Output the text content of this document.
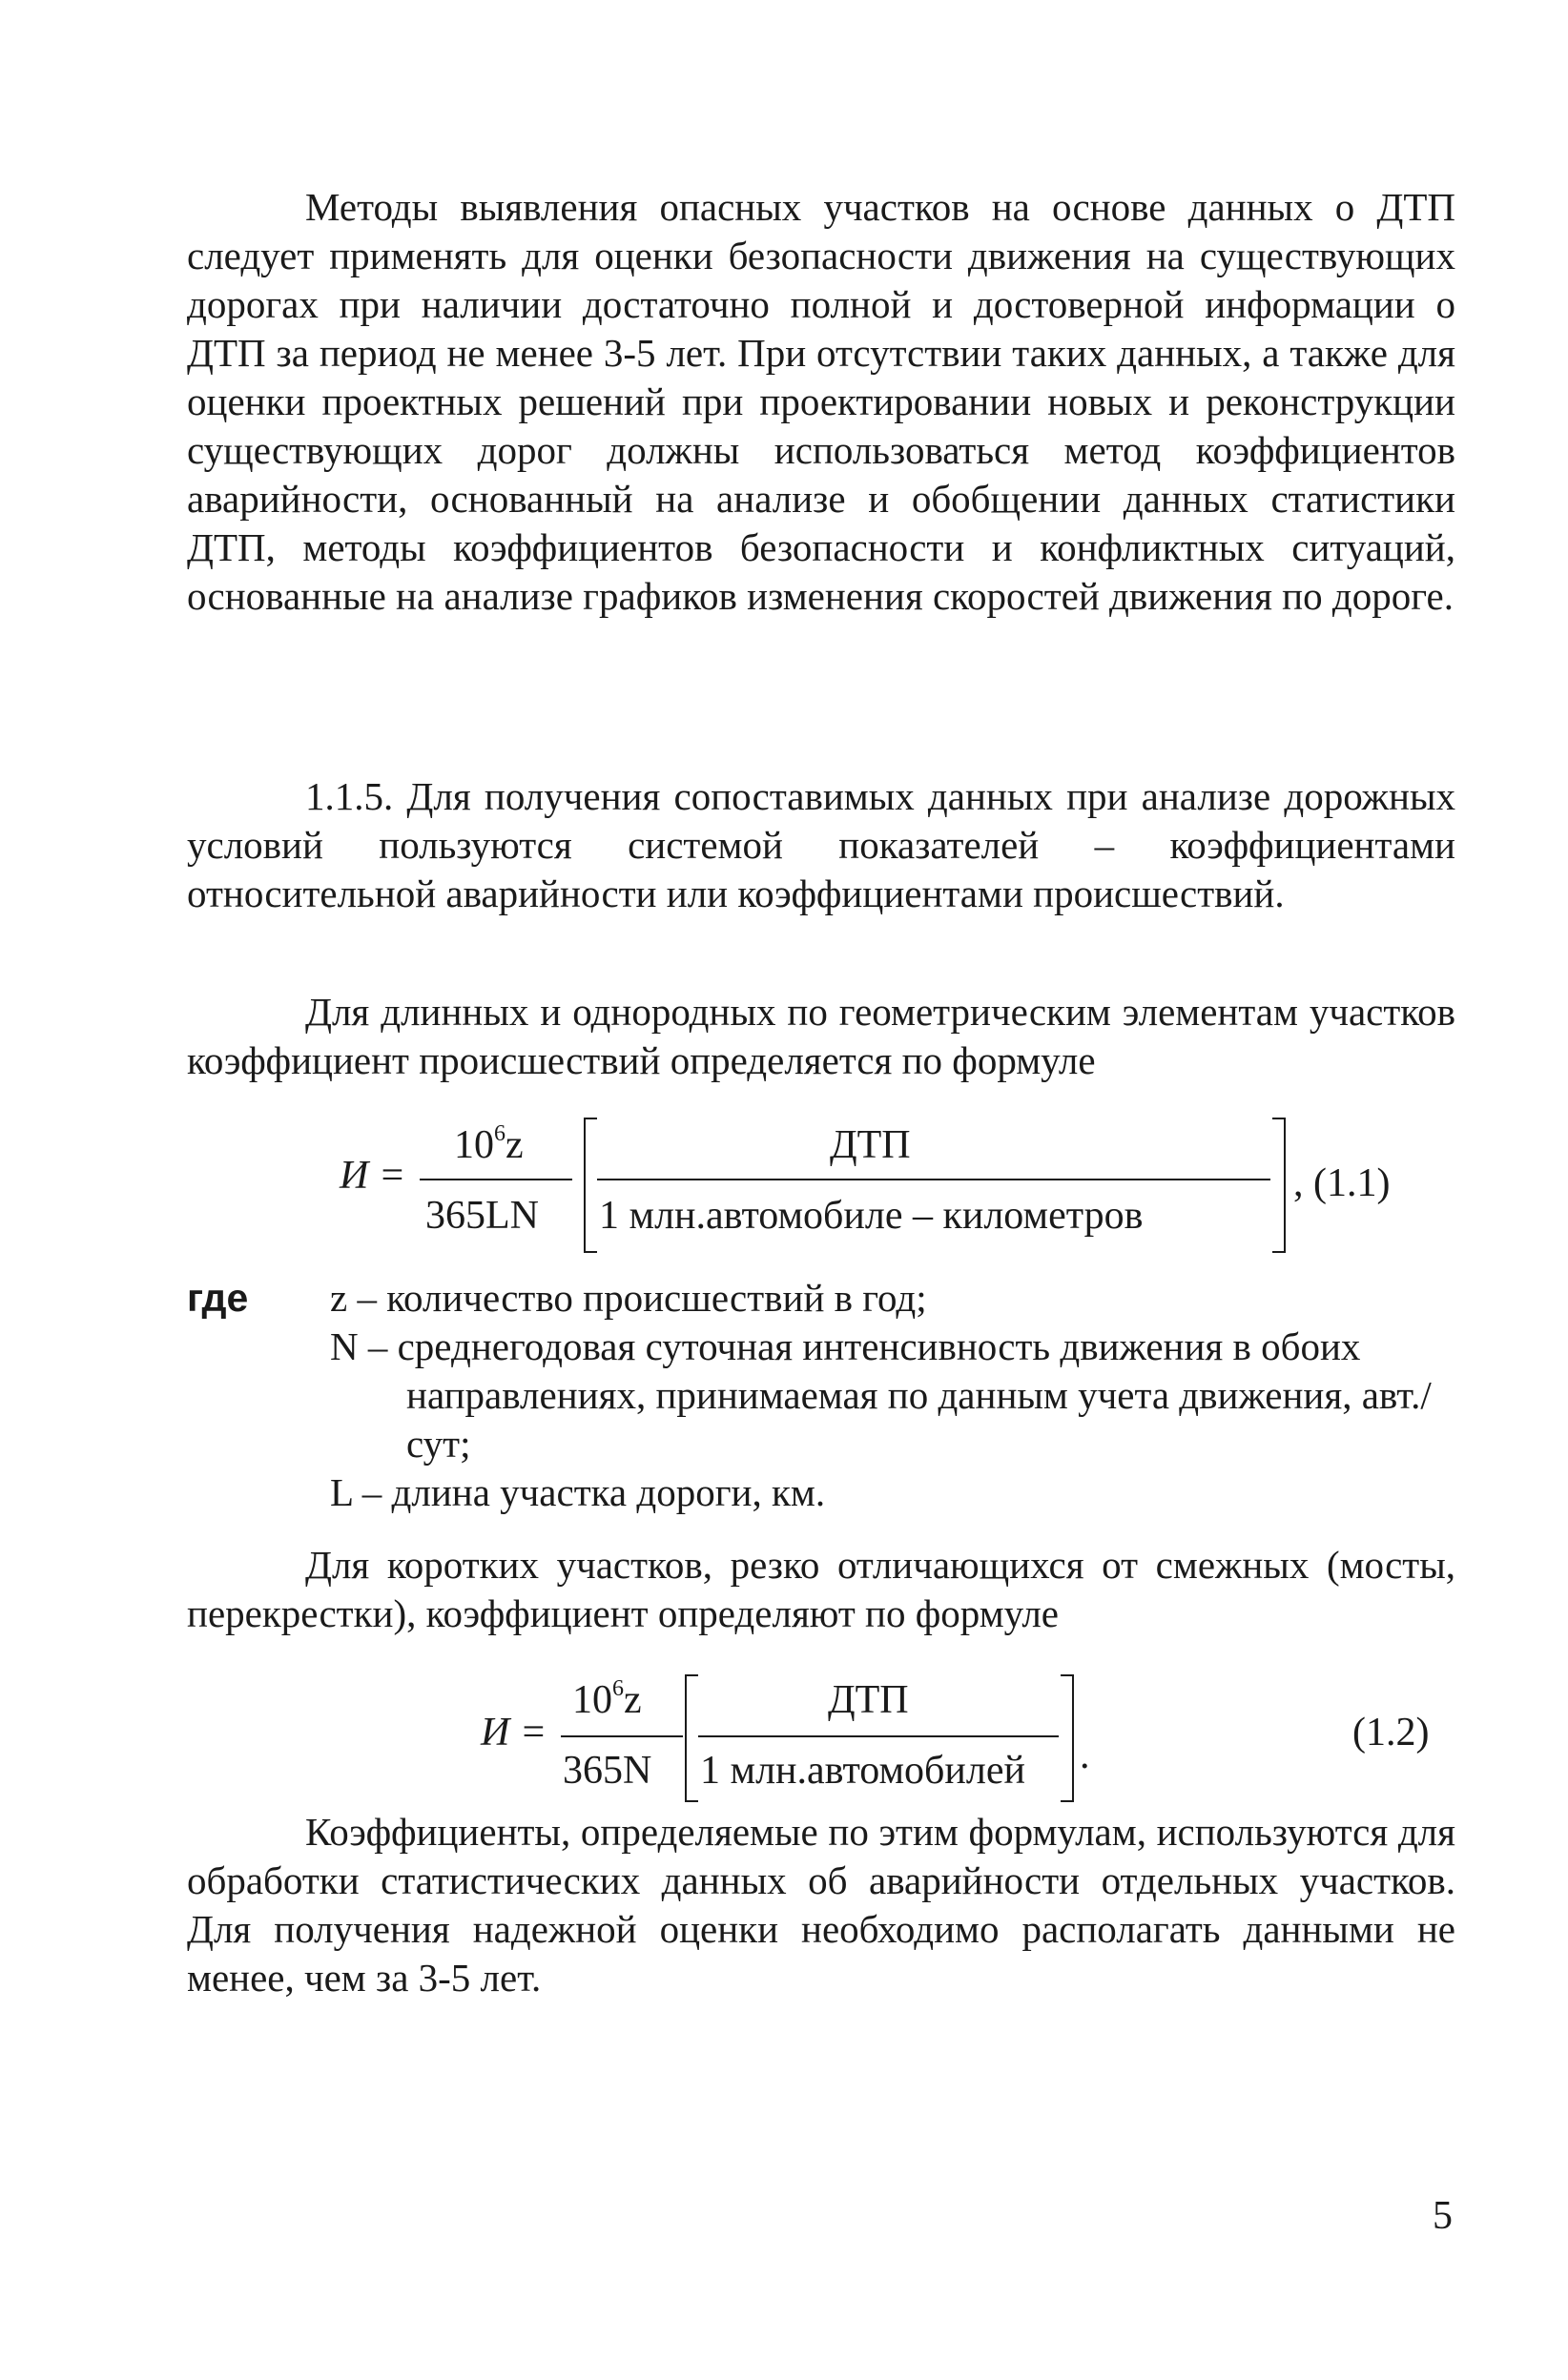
Методы выявления опасных участков на основе данных о ДТП следует применять для оценки безопасности движения на существующих дорогах при наличии достаточно полной и достоверной информации о ДТП за период не менее 3-5 лет. При отсутствии таких данных, а также для оценки проектных решений при проектировании новых и реконструкции существующих дорог должны использоваться метод коэффициентов аварийности, основанный на анализе и обобщении данных статистики ДТП, методы коэффициентов безопасности и конфликтных ситуаций, основанные на анализе графиков изменения скоростей движения по дороге.

1.1.5. Для получения сопоставимых данных при анализе дорожных условий пользуются системой показателей – коэффициентами относительной аварийности или коэффициентами происшествий.

Для длинных и однородных по геометрическим элементам участков коэффициент происшествий определяется по формуле

И =
$10^6z$
365LN
ДТП
1 млн.автомобиле – километров
, (1.1)
где z – количество происшествий в год;
N – среднегодовая суточная интенсивность движения в обоих направлениях, принимаемая по данным учета движения, авт./сут;
L – длина участка дороги, км.

Для коротких участков, резко отличающихся от смежных (мосты, перекрестки), коэффициент определяют по формуле

И =
$10^6z$
365N
ДТП
1 млн.автомобилей .
(1.2)

Коэффициенты, определяемые по этим формулам, используются для обработки статистических данных об аварийности отдельных участков. Для получения надежной оценки необходимо располагать данными не менее, чем за 3-5 лет.

5
